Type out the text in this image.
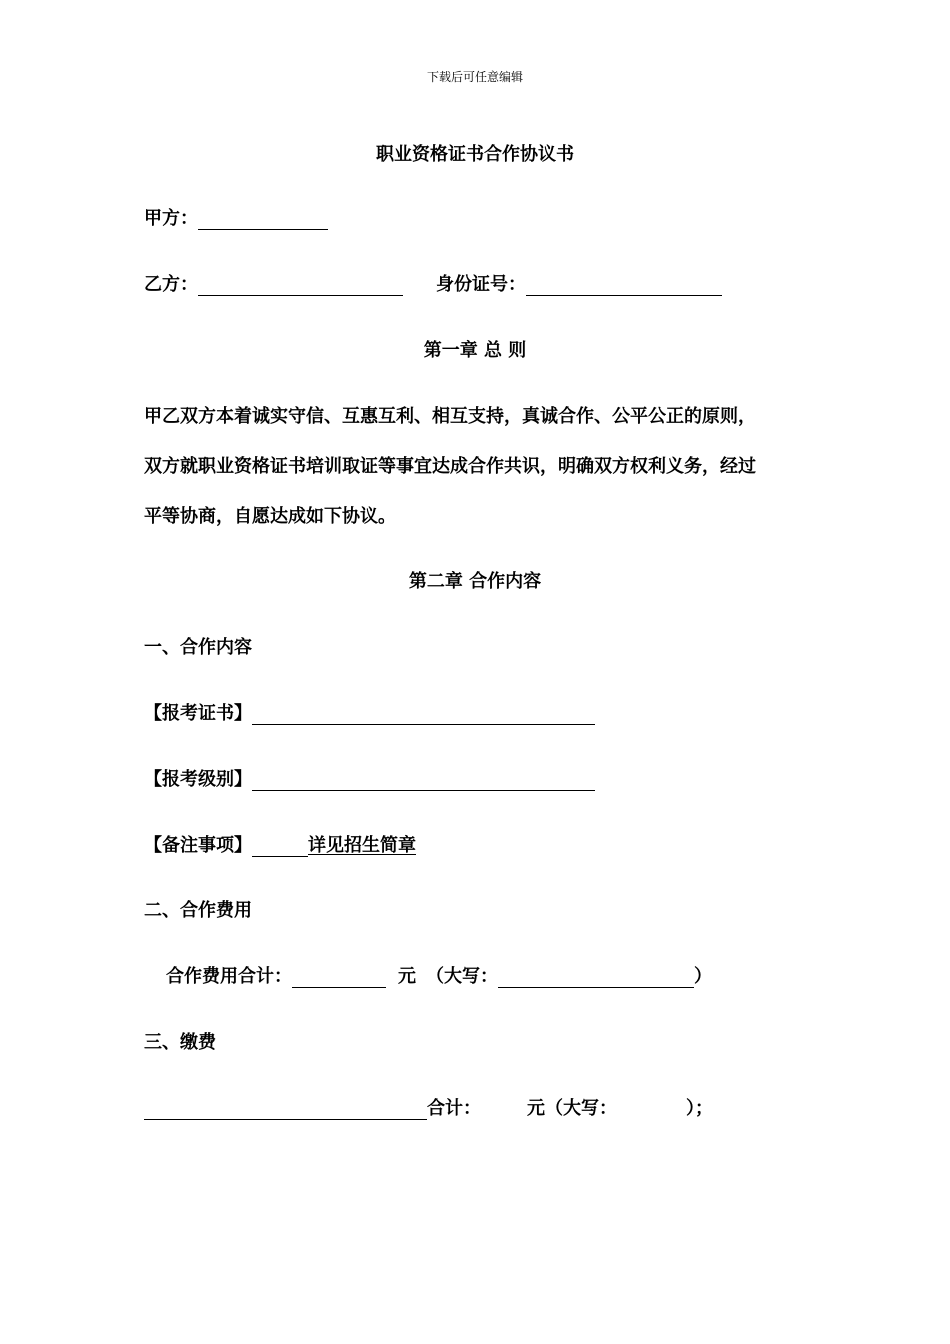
下载后可任意编辑
职业资格证书合作协议书
甲方：
乙方：	身份证号：
第一章 总 则
甲乙双方本着诚实守信、互惠互利、相互支持，真诚合作、公平公正的原则，
双方就职业资格证书培训取证等事宜达成合作共识，明确双方权利义务，经过
平等协商，自愿达成如下协议。
第二章 合作内容
一、合作内容
【报考证书】
【报考级别】
【备注事项】	详见招生简章
二、合作费用
合作费用合计：	元 （大写：	）
三、缴费
合计：	元（大写：	）；
